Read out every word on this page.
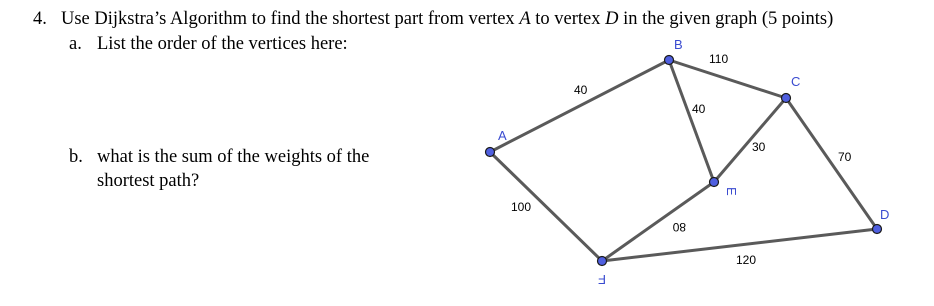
4. Use Dijkstra’s Algorithm to find the shortest part from vertex A to vertex D in the given graph (5 points)
a. List the order of the vertices here:
b. what is the sum of the weights of the
shortest path?
40
110
40
30
70
100
80
120
A
B
C
D
E
F
